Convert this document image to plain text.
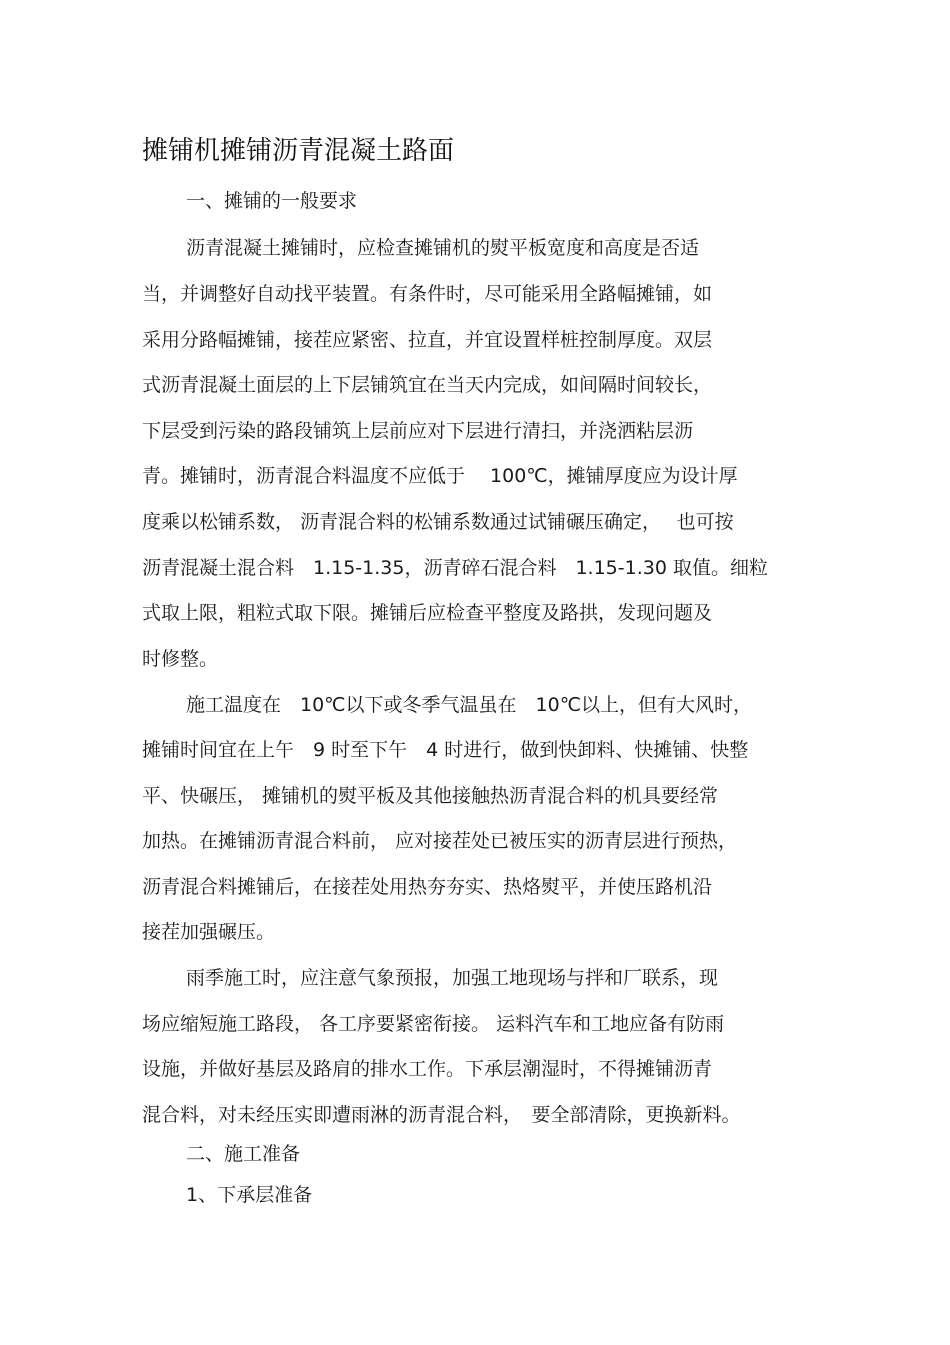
摊铺机摊铺沥青混凝土路面
一、摊铺的一般要求
沥青混凝土摊铺时，应检查摊铺机的熨平板宽度和高度是否适
当，并调整好自动找平装置。有条件时，尽可能采用全路幅摊铺，如
采用分路幅摊铺，接茬应紧密、拉直，并宜设置样桩控制厚度。双层
式沥青混凝土面层的上下层铺筑宜在当天内完成，如间隔时间较长，
下层受到污染的路段铺筑上层前应对下层进行清扫，并浇洒粘层沥
青。摊铺时，沥青混合料温度不应低于　 100℃，摊铺厚度应为设计厚
度乘以松铺系数， 沥青混合料的松铺系数通过试铺碾压确定，　 也可按
沥青混凝土混合料　1.15-1.35，沥青碎石混合料　1.15-1.30 取值。细粒
式取上限，粗粒式取下限。摊铺后应检查平整度及路拱，发现问题及
时修整。
施工温度在　10℃以下或冬季气温虽在　10℃以上，但有大风时，
摊铺时间宜在上午　9 时至下午　4 时进行，做到快卸料、快摊铺、快整
平、快碾压， 摊铺机的熨平板及其他接触热沥青混合料的机具要经常
加热。在摊铺沥青混合料前， 应对接茬处已被压实的沥青层进行预热，
沥青混合料摊铺后，在接茬处用热夯夯实、热烙熨平，并使压路机沿
接茬加强碾压。
雨季施工时，应注意气象预报，加强工地现场与拌和厂联系，现
场应缩短施工路段， 各工序要紧密衔接。 运料汽车和工地应备有防雨
设施，并做好基层及路肩的排水工作。下承层潮湿时，不得摊铺沥青
混合料，对未经压实即遭雨淋的沥青混合料，　要全部清除，更换新料。
二、施工准备
1、下承层准备
